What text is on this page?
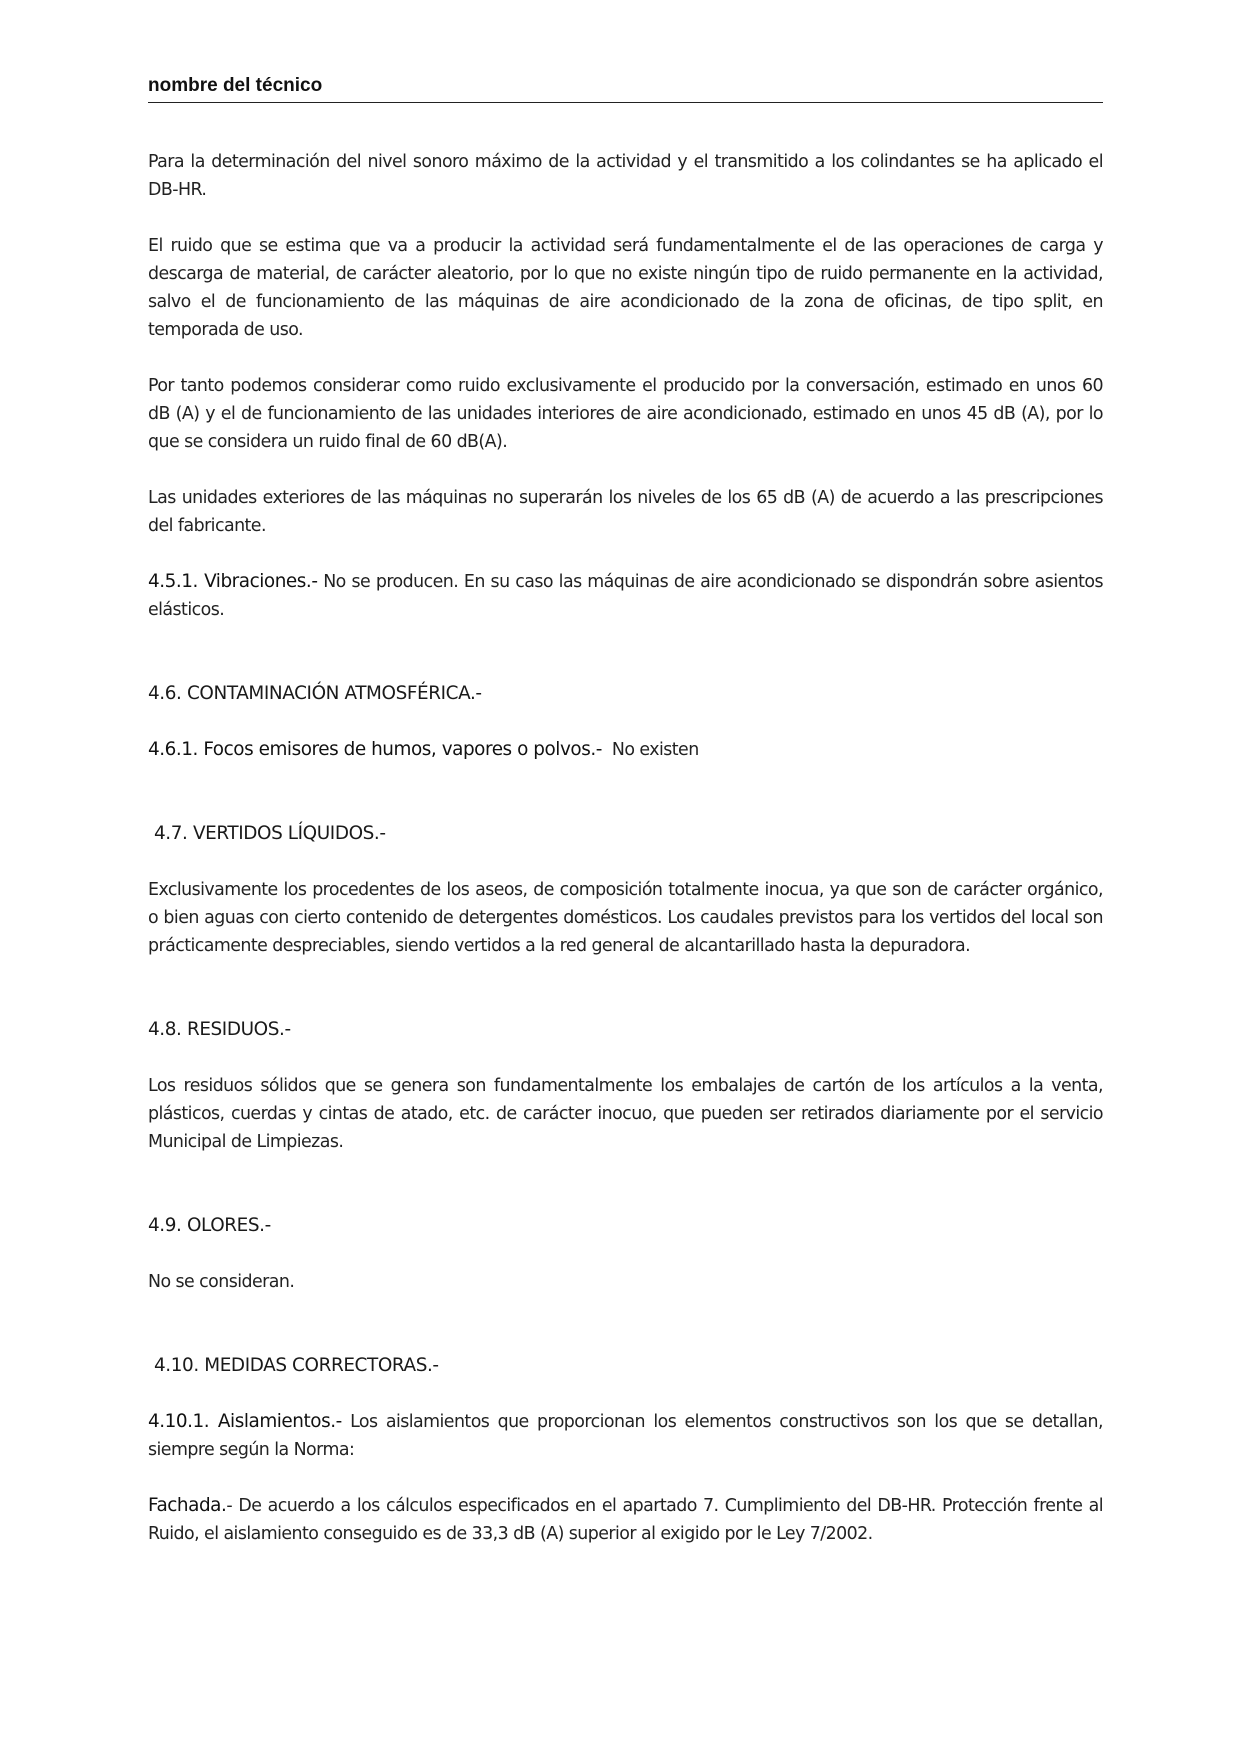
nombre del técnico

Para la determinación del nivel sonoro máximo de la actividad y el transmitido a los colindantes se ha aplicado el DB-HR.

El ruido que se estima que va a producir la actividad será fundamentalmente el de las operaciones de carga y descarga de material, de carácter aleatorio, por lo que no existe ningún tipo de ruido permanente en la actividad, salvo el de funcionamiento de las máquinas de aire acondicionado de la zona de oficinas, de tipo split, en temporada de uso.

Por tanto podemos considerar como ruido exclusivamente el producido por la conversación, estimado en unos 60 dB (A) y el de funcionamiento de las unidades interiores de aire acondicionado, estimado en unos 45 dB (A), por lo que se considera un ruido final de 60 dB(A).

Las unidades exteriores de las máquinas no superarán los niveles de los 65 dB (A) de acuerdo a las prescripciones del fabricante.

4.5.1. Vibraciones.- No se producen. En su caso las máquinas de aire acondicionado se dispondrán sobre asientos elásticos.

4.6. CONTAMINACIÓN ATMOSFÉRICA.-

4.6.1. Focos emisores de humos, vapores o polvos.-  No existen

4.7. VERTIDOS LÍQUIDOS.-

Exclusivamente los procedentes de los aseos, de composición totalmente inocua, ya que son de carácter orgánico, o bien aguas con cierto contenido de detergentes domésticos. Los caudales previstos para los vertidos del local son prácticamente despreciables, siendo vertidos a la red general de alcantarillado hasta la depuradora.

4.8. RESIDUOS.-

Los residuos sólidos que se genera son fundamentalmente los embalajes de cartón de los artículos a la venta, plásticos, cuerdas y cintas de atado, etc. de carácter inocuo, que pueden ser retirados diariamente por el servicio Municipal de Limpiezas.

4.9. OLORES.-

No se consideran.

4.10. MEDIDAS CORRECTORAS.-

4.10.1. Aislamientos.- Los aislamientos que proporcionan los elementos constructivos son los que se detallan, siempre según la Norma:

Fachada.- De acuerdo a los cálculos especificados en el apartado 7. Cumplimiento del DB-HR. Protección frente al Ruido, el aislamiento conseguido es de 33,3 dB (A) superior al exigido por le Ley 7/2002.
